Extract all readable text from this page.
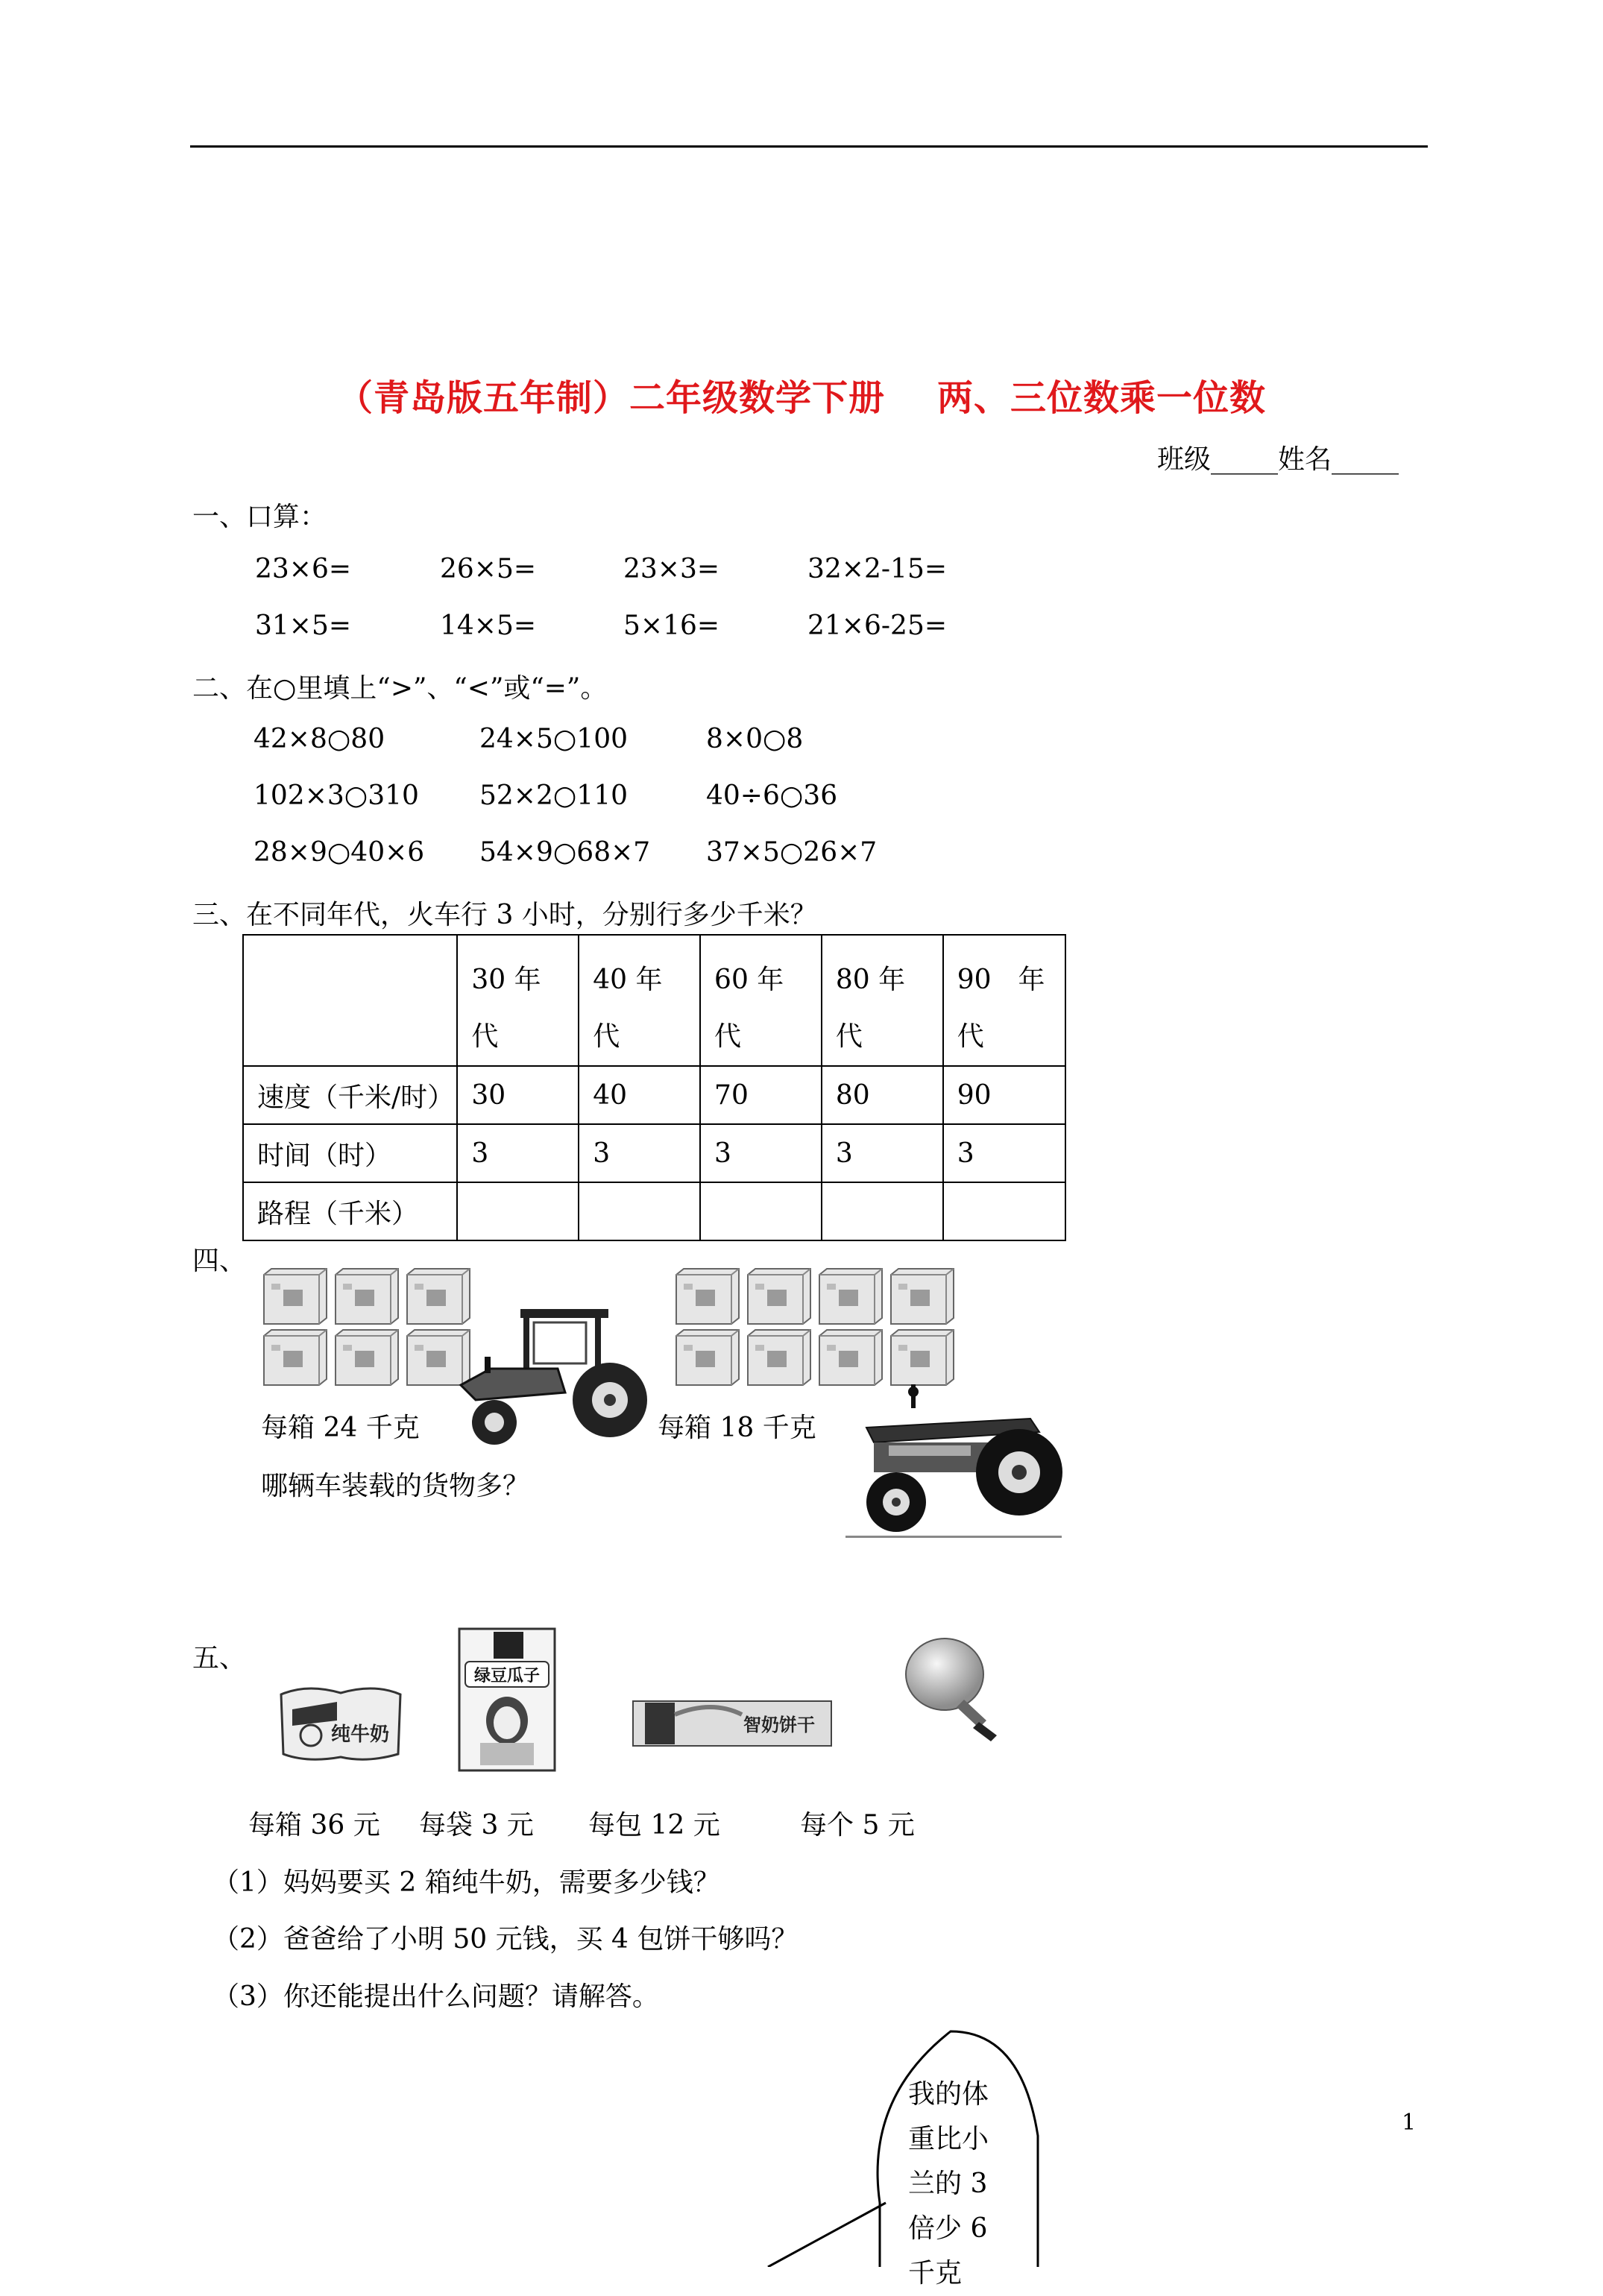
（青岛版五年制）二年级数学下册 两、三位数乘一位数
班级_____姓名_____
一、口算：
23×6=	26×5=	23×3=	32×2-15=
31×5=	14×5=	5×16=	21×6-25=
二、在○里填上“>”、“<”或“=”。
42×8○80	24×5○100	8×0○8
102×3○310 52×2○110	40÷6○36
28×9○40×6 54×9○68×7 37×5○26×7
三、在不同年代，火车行 3 小时，分别行多少千米？
	30 年代	40 年代	60 年代	80 年代	90　年代
速度（千米/时）	30	40	70	80	90
时间（时）	3	3	3	3	3
路程（千米）					
四、
每箱 24 千克	每箱 18 千克
哪辆车装载的货物多？
五、
纯牛奶
绿豆瓜子
智奶饼干
每箱 36 元 每袋 3 元 每包 12 元	每个 5 元
（1）妈妈要买 2 箱纯牛奶，需要多少钱？
（2）爸爸给了小明 50 元钱，买 4 包饼干够吗？
（3）你还能提出什么问题？请解答。
我的体
重比小
兰的 3
倍少 6
千克
1
